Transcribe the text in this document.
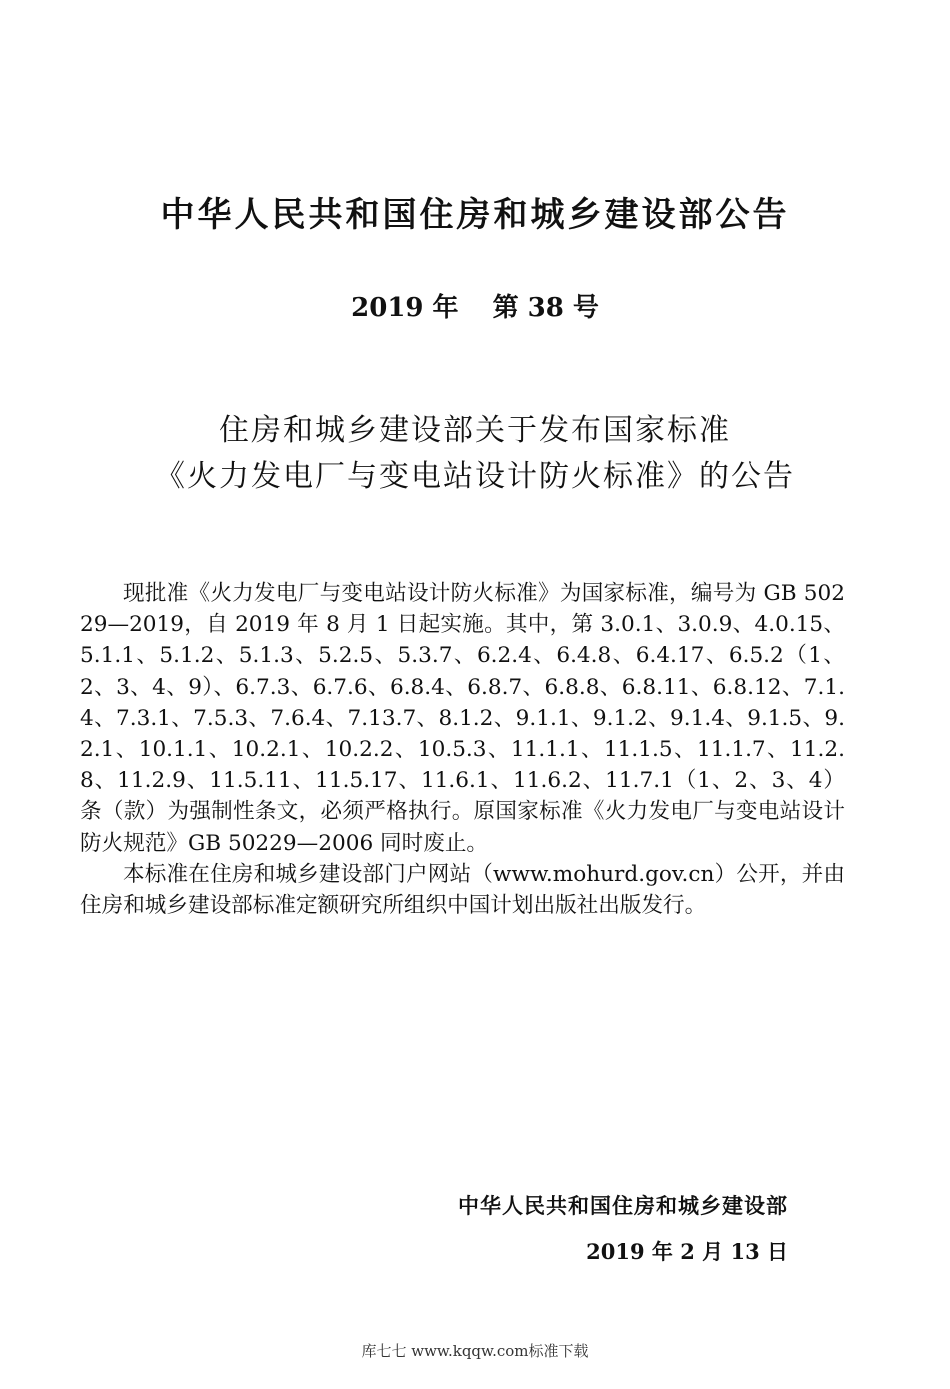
中华人民共和国住房和城乡建设部公告
2019 年 第 38 号
住房和城乡建设部关于发布国家标准
《火力发电厂与变电站设计防火标准》的公告

现批准《火力发电厂与变电站设计防火标准》为国家标准，编号为 GB 50229—2019，自 2019 年 8 月 1 日起实施。其中，第 3.0.1、3.0.9、4.0.15、5.1.1、5.1.2、5.1.3、5.2.5、5.3.7、6.2.4、6.4.8、6.4.17、6.5.2（1、2、3、4、9）、6.7.3、6.7.6、6.8.4、6.8.7、6.8.8、6.8.11、6.8.12、7.1.4、7.3.1、7.5.3、7.6.4、7.13.7、8.1.2、9.1.1、9.1.2、9.1.4、9.1.5、9.2.1、10.1.1、10.2.1、10.2.2、10.5.3、11.1.1、11.1.5、11.1.7、11.2.8、11.2.9、11.5.11、11.5.17、11.6.1、11.6.2、11.7.1（1、2、3、4）条（款）为强制性条文，必须严格执行。原国家标准《火力发电厂与变电站设计防火规范》GB 50229—2006 同时废止。

本标准在住房和城乡建设部门户网站（www.mohurd.gov.cn）公开，并由住房和城乡建设部标准定额研究所组织中国计划出版社出版发行。

中华人民共和国住房和城乡建设部
2019 年 2 月 13 日
库七七 www.kqqw.com标准下载
